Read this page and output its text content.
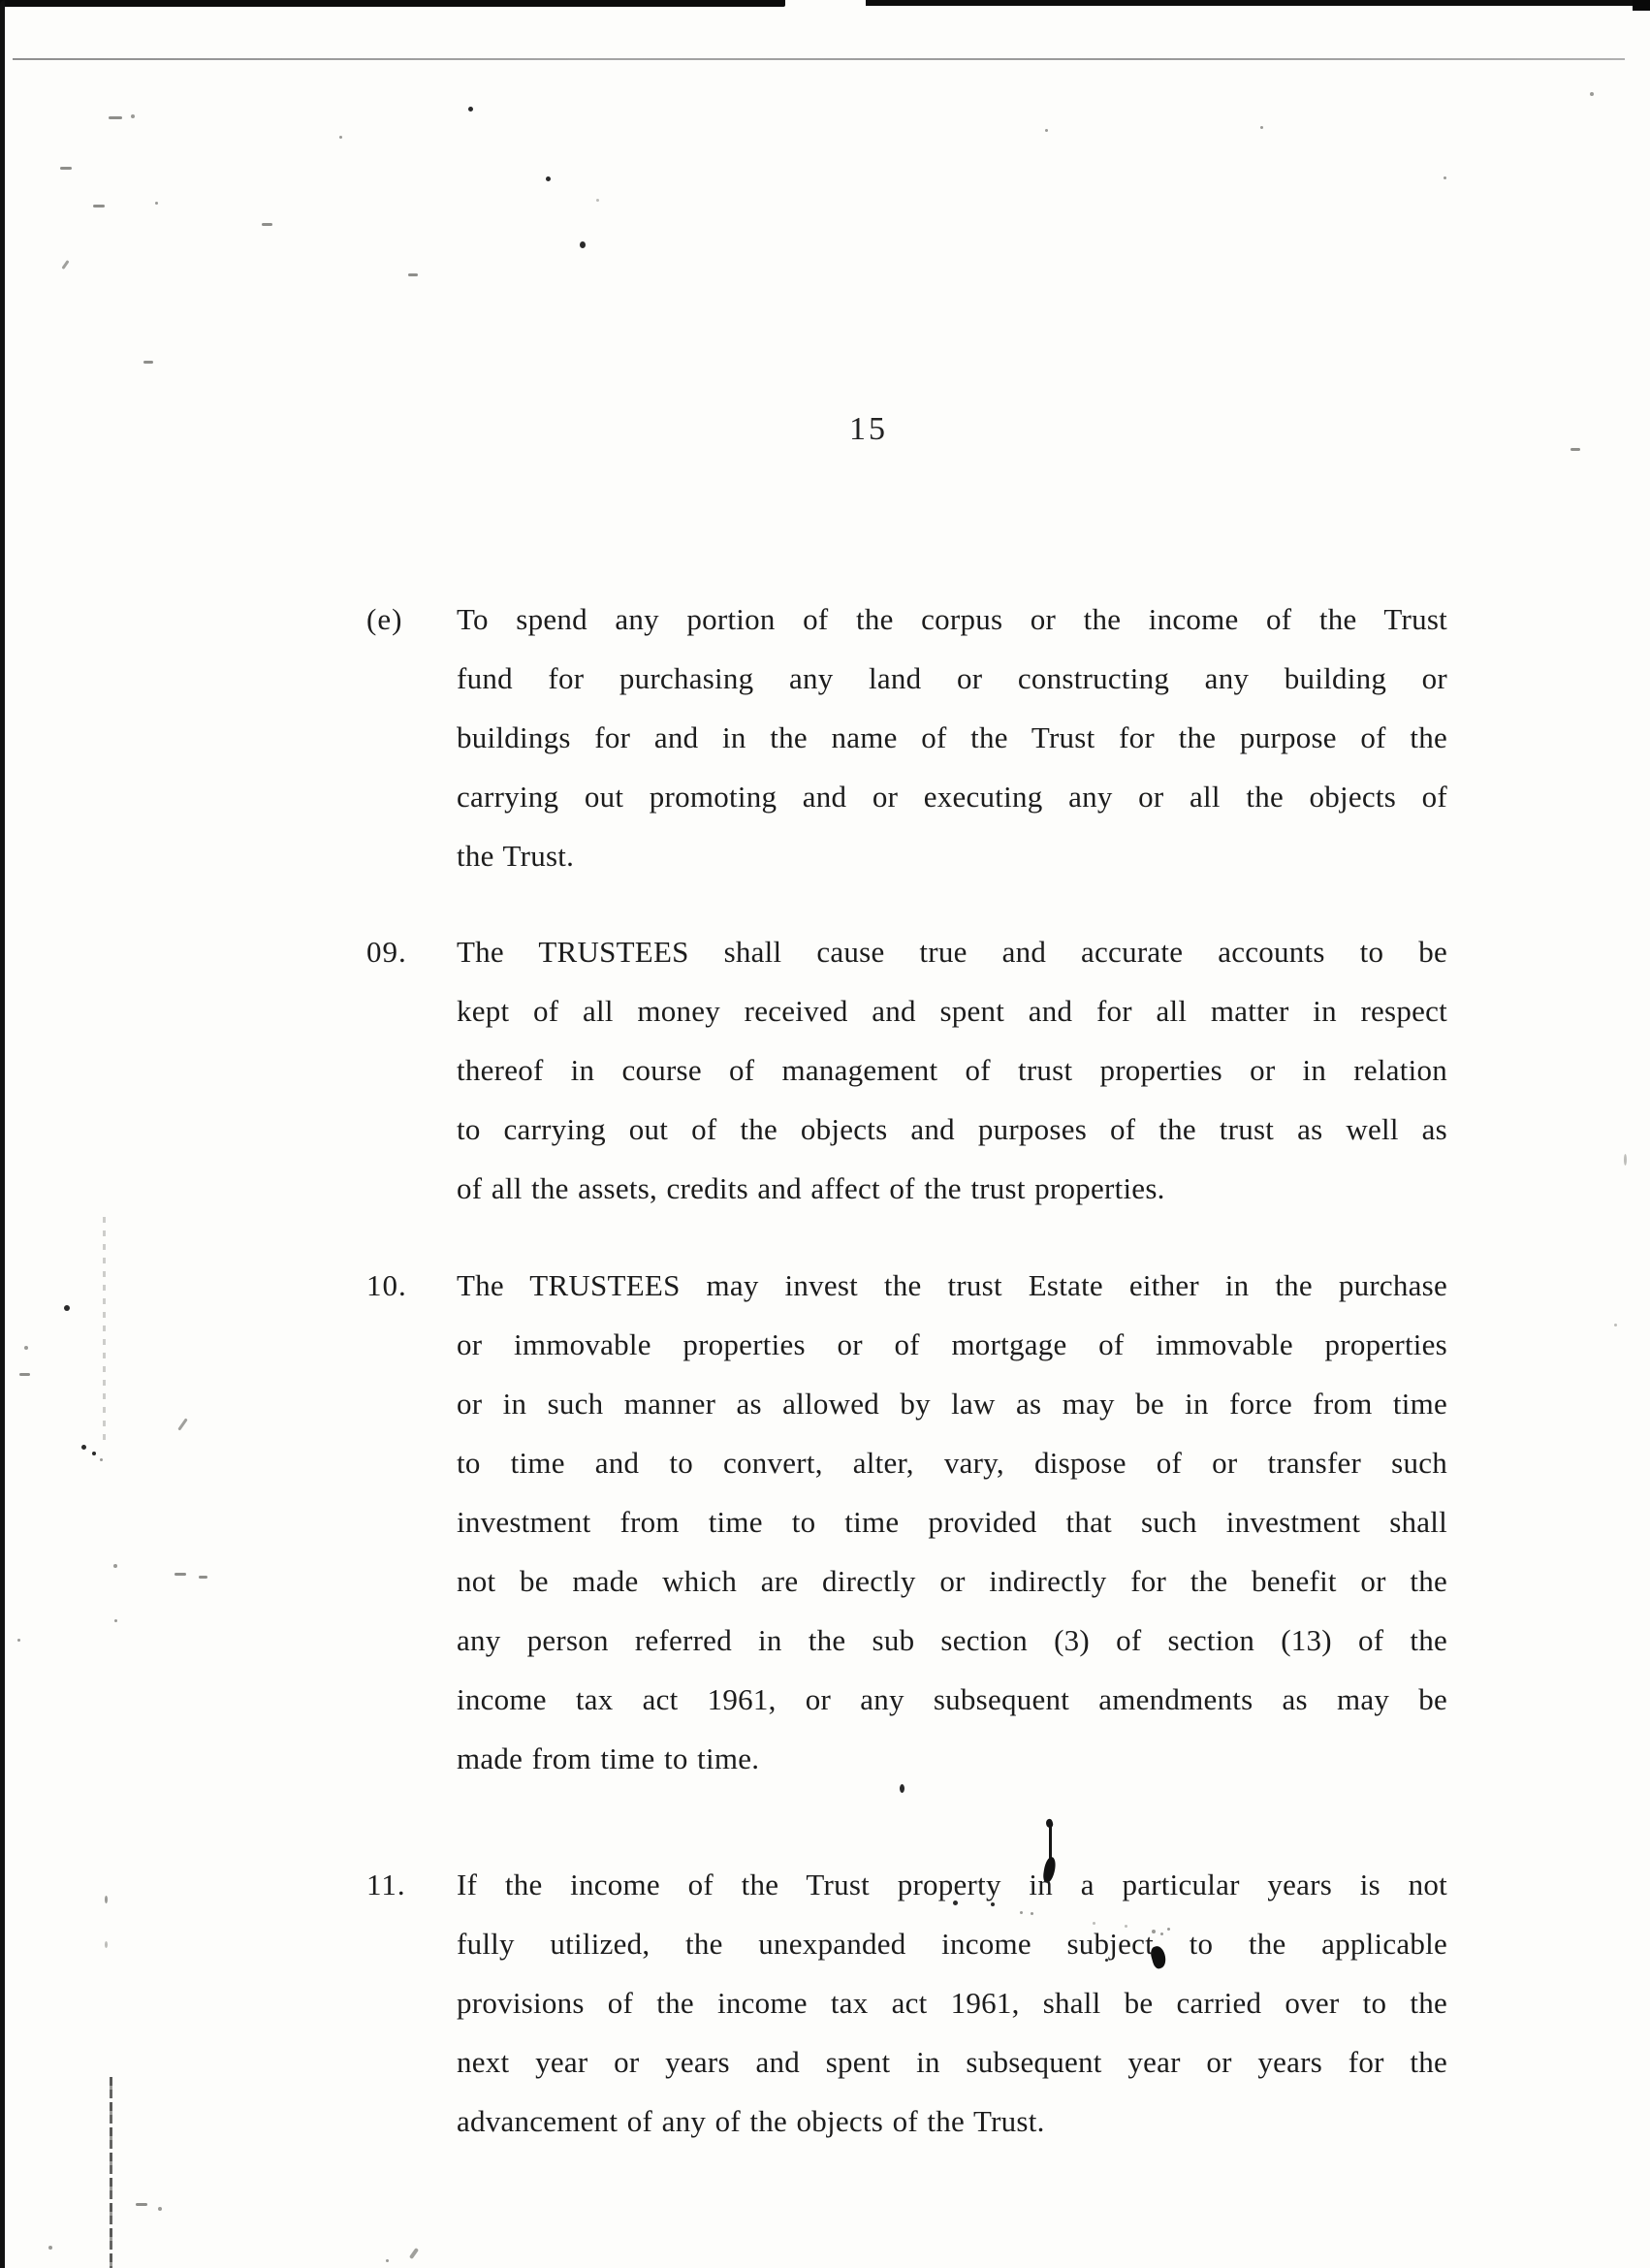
15
(e)	To spend any portion of the corpus or the income of the Trust
fund for purchasing any land or constructing any building or
buildings for and in the name of the Trust for the purpose of the
carrying out promoting and or executing any or all the objects of
the Trust.
09.	The TRUSTEES shall cause true and accurate accounts to be
kept of all money received and spent and for all matter in respect
thereof in course of management of trust properties or in relation
to carrying out of the objects and purposes of the trust as well as
of all the assets, credits and affect of the trust properties.
10.	The TRUSTEES may invest the trust Estate either in the purchase
or immovable properties or of mortgage of immovable properties
or in such manner as allowed by law as may be in force from time
to time and to convert, alter, vary, dispose of or transfer such
investment from time to time provided that such investment shall
not be made which are directly or indirectly for the benefit or the
any person referred in the sub section (3) of section (13) of the
income tax act 1961, or any subsequent amendments as may be
made from time to time.
11.	If the income of the Trust property in a particular years is not
fully utilized, the unexpanded income subject to the applicable
provisions of the income tax act 1961, shall be carried over to the
next year or years and spent in subsequent year or years for the
advancement of any of the objects of the Trust.
